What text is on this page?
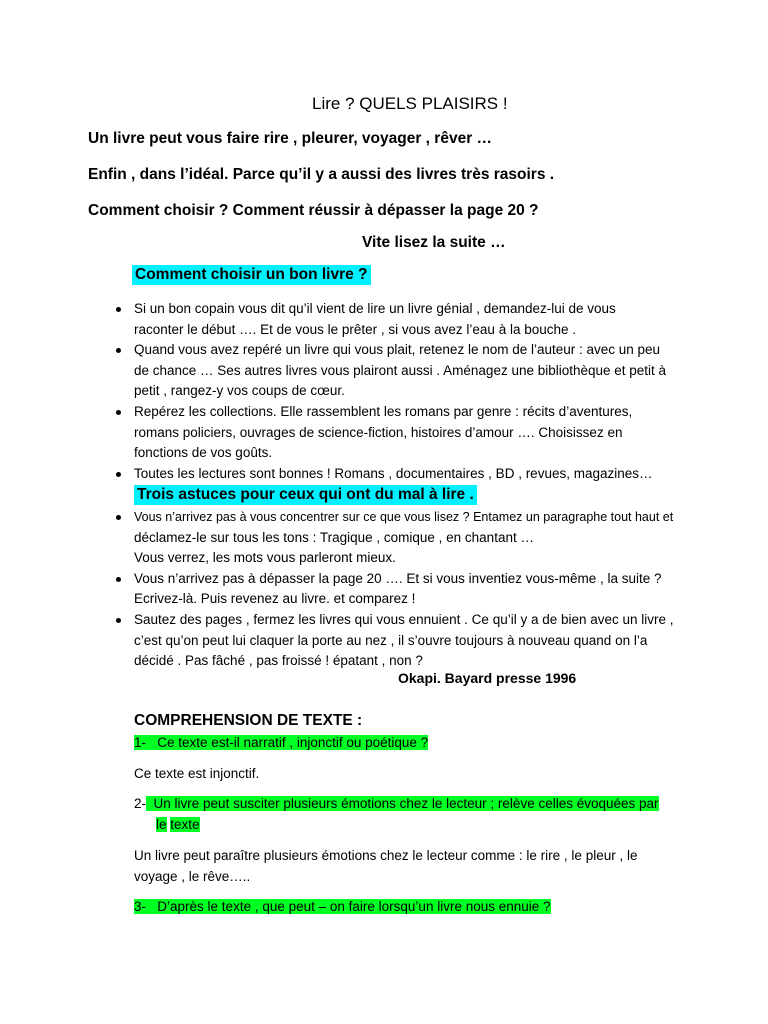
Lire ? QUELS PLAISIRS !
Un livre peut vous faire rire , pleurer, voyager , rêver …
Enfin , dans l’idéal. Parce qu’il y a aussi des livres très rasoirs .
Comment choisir ? Comment réussir à dépasser la page 20 ?
Vite lisez la suite …
Comment choisir un bon livre ?
Si un bon copain vous dit qu’il vient de lire un livre génial , demandez-lui de vous
raconter le début …. Et de vous le prêter , si vous avez l’eau à la bouche .
Quand vous avez repéré un livre qui vous plait, retenez le nom de l’auteur : avec un peu
de chance … Ses autres livres vous plairont aussi . Aménagez une bibliothèque et petit à
petit , rangez-y vos coups de cœur.
Repérez les collections. Elle rassemblent les romans par genre : récits d’aventures,
romans policiers, ouvrages de science-fiction, histoires d’amour …. Choisissez en
fonctions de vos goûts.
Toutes les lectures sont bonnes ! Romans , documentaires , BD , revues, magazines…
Trois astuces pour ceux qui ont du mal à lire .
Vous n’arrivez pas à vous concentrer sur ce que vous lisez ? Entamez un paragraphe tout haut et
déclamez-le sur tous les tons : Tragique , comique , en chantant …
Vous verrez, les mots vous parleront mieux.
Vous n’arrivez pas à dépasser la page 20 …. Et si vous inventiez vous-même , la suite ?
Ecrivez-là. Puis revenez au livre. et comparez !
Sautez des pages , fermez les livres qui vous ennuient . Ce qu’il y a de bien avec un livre ,
c’est qu’on peut lui claquer la porte au nez , il s’ouvre toujours à nouveau quand on l’a
décidé . Pas fâché , pas froissé ! épatant , non ?
Okapi. Bayard presse 1996
COMPREHENSION DE TEXTE :
1- Ce texte est-il narratif , injonctif ou poétique ?
Ce texte est injonctif.
2- Un livre peut susciter plusieurs émotions chez le lecteur ; relève celles évoquées par
le texte
Un livre peut paraître plusieurs émotions chez le lecteur comme : le rire , le pleur , le
voyage , le rêve…..
3- D’après le texte , que peut – on faire lorsqu’un livre nous ennuie ?
